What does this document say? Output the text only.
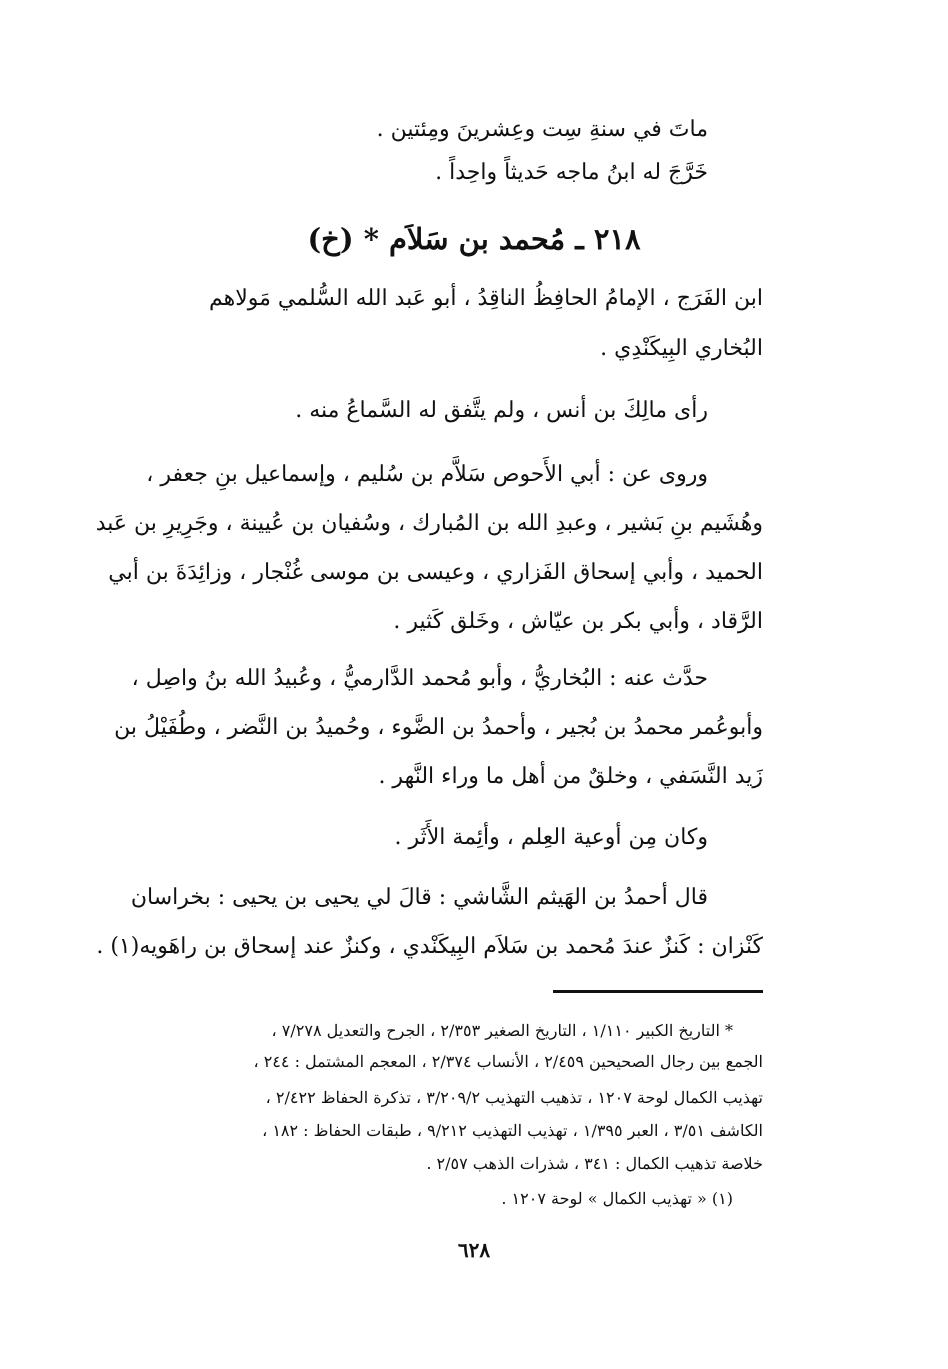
ماتَ في سنةِ سِت وعِشرينَ ومِئتين .
خَرَّجَ له ابنُ ماجه حَديثاً واحِداً .
٢١٨ ـ مُحمد بن سَلاَم * (خ)
ابن الفَرَج ، الإمامُ الحافِظُ الناقِدُ ، أبو عَبد الله السُّلمي مَولاهم
البُخاري البِيكَنْدِي .
رأى مالِكَ بن أنس ، ولم يتَّفق له السَّماعُ منه .
وروى عن : أبي الأَحوص سَلاَّم بن سُليم ، وإسماعيل بنِ جعفر ،
وهُشَيم بنِ بَشير ، وعبدِ الله بن المُبارك ، وسُفيان بن عُيينة ، وجَرِيرِ بن عَبد
الحميد ، وأبي إسحاق الفَزاري ، وعيسى بن موسى غُنْجار ، وزائِدَةَ بن أبي
الرَّقاد ، وأبي بكر بن عيّاش ، وخَلق كَثير .
حدَّث عنه : البُخاريُّ ، وأبو مُحمد الدَّارميُّ ، وعُبيدُ الله بنُ واصِل ،
وأبوعُمر محمدُ بن بُجير ، وأحمدُ بن الضَّوء ، وحُميدُ بن النَّضر ، وطُفَيْلُ بن
زَيد النَّسَفي ، وخلقٌ من أهل ما وراء النَّهر .
وكان مِن أوعية العِلم ، وأئِمة الأَثَر .
قال أحمدُ بن الهَيثم الشَّاشي : قالَ لي يحيى بن يحيى : بخراسان
كَنْزان : كَنزٌ عندَ مُحمد بن سَلاَم البِيكَنْدي ، وكنزٌ عند إسحاق بن راهَويه(١) .
* التاريخ الكبير ١/١١٠ ، التاريخ الصغير ٢/٣٥٣ ، الجرح والتعديل ٧/٢٧٨ ،
الجمع بين رجال الصحيحين ٢/٤٥٩ ، الأنساب ٢/٣٧٤ ، المعجم المشتمل : ٢٤٤ ،
تهذيب الكمال لوحة ١٢٠٧ ، تذهيب التهذيب ٣/٢٠٩/٢ ، تذكرة الحفاظ ٢/٤٢٢ ،
الكاشف ٣/٥١ ، العبر ١/٣٩٥ ، تهذيب التهذيب ٩/٢١٢ ، طبقات الحفاظ : ١٨٢ ،
خلاصة تذهيب الكمال : ٣٤١ ، شذرات الذهب ٢/٥٧ .
(١) « تهذيب الكمال » لوحة ١٢٠٧ .
٦٢٨
